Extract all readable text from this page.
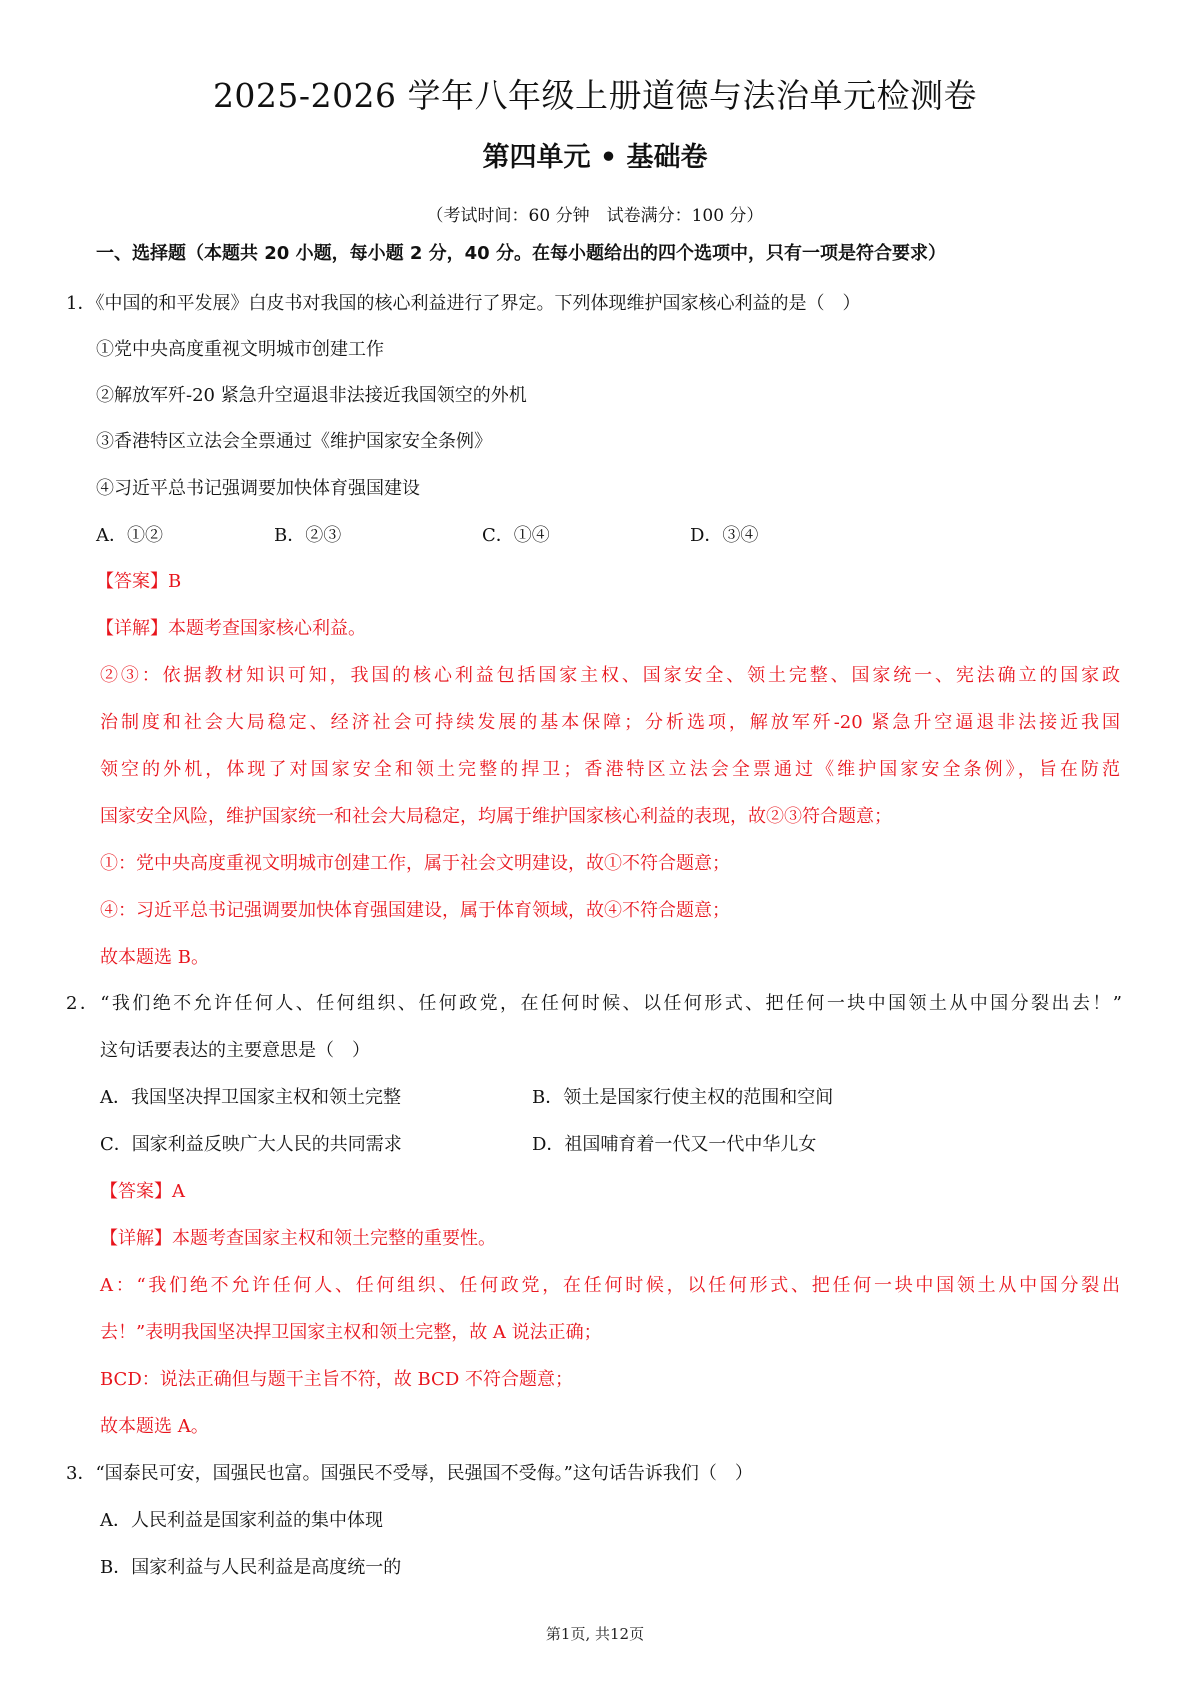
2025-2026 学年八年级上册道德与法治单元检测卷
第四单元 • 基础卷
（考试时间：60 分钟　试卷满分：100 分）
一、选择题（本题共 20 小题，每小题 2 分，40 分。在每小题给出的四个选项中，只有一项是符合要求）
1．《中国的和平发展》白皮书对我国的核心利益进行了界定。下列体现维护国家核心利益的是（　）
①党中央高度重视文明城市创建工作
②解放军歼-20 紧急升空逼退非法接近我国领空的外机
③香港特区立法会全票通过《维护国家安全条例》
④习近平总书记强调要加快体育强国建设
A．①②	B．②③	C．①④	D．③④
【答案】B
【详解】本题考查国家核心利益。
②③：依据教材知识可知，我国的核心利益包括国家主权、国家安全、领土完整、国家统一、宪法确立的国家政
治制度和社会大局稳定、经济社会可持续发展的基本保障；分析选项，解放军歼-20 紧急升空逼退非法接近我国
领空的外机，体现了对国家安全和领土完整的捍卫；香港特区立法会全票通过《维护国家安全条例》，旨在防范
国家安全风险，维护国家统一和社会大局稳定，均属于维护国家核心利益的表现，故②③符合题意；
①：党中央高度重视文明城市创建工作，属于社会文明建设，故①不符合题意；
④：习近平总书记强调要加快体育强国建设，属于体育领域，故④不符合题意；
故本题选 B。
2．“我们绝不允许任何人、任何组织、任何政党，在任何时候、以任何形式、把任何一块中国领土从中国分裂出去！”
这句话要表达的主要意思是（　）
A．我国坚决捍卫国家主权和领土完整	B．领土是国家行使主权的范围和空间
C．国家利益反映广大人民的共同需求	D．祖国哺育着一代又一代中华儿女
【答案】A
【详解】本题考查国家主权和领土完整的重要性。
A：“我们绝不允许任何人、任何组织、任何政党，在任何时候，以任何形式、把任何一块中国领土从中国分裂出
去！”表明我国坚决捍卫国家主权和领土完整，故 A 说法正确；
BCD：说法正确但与题干主旨不符，故 BCD 不符合题意；
故本题选 A。
3．“国泰民可安，国强民也富。国强民不受辱，民强国不受侮。”这句话告诉我们（　）
A．人民利益是国家利益的集中体现
B．国家利益与人民利益是高度统一的
第1页, 共12页
